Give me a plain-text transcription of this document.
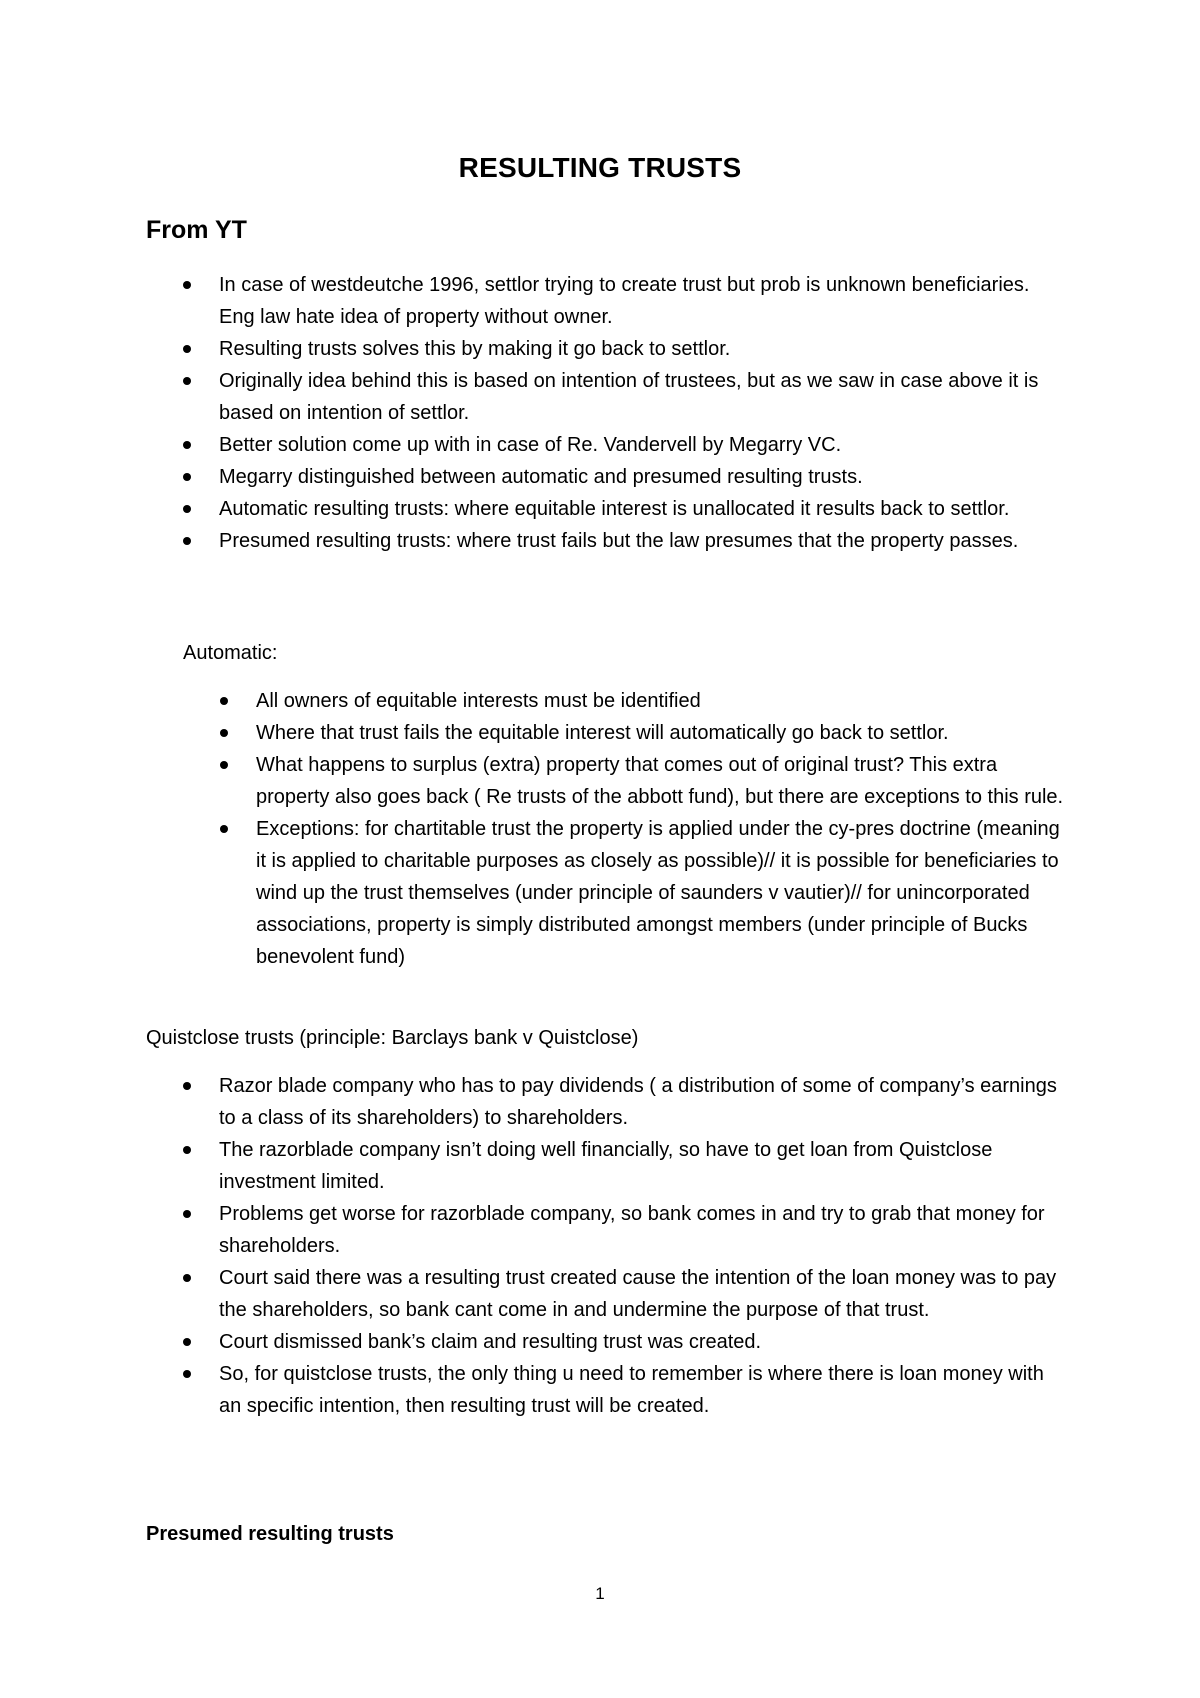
RESULTING TRUSTS
From YT
In case of westdeutche 1996, settlor trying to create trust but prob is unknown beneficiaries. Eng law hate idea of property without owner.
Resulting trusts solves this by making it go back to settlor.
Originally idea behind this is based on intention of trustees, but as we saw in case above it is based on intention of settlor.
Better solution come up with in case of Re. Vandervell by Megarry VC.
Megarry distinguished between automatic and presumed resulting trusts.
Automatic resulting trusts: where equitable interest is unallocated it results back to settlor.
Presumed resulting trusts: where trust fails but the law presumes that the property passes.

Automatic:

All owners of equitable interests must be identified
Where that trust fails the equitable interest will automatically go back to settlor.
What happens to surplus (extra) property that comes out of original trust? This extra property also goes back ( Re trusts of the abbott fund), but there are exceptions to this rule.
Exceptions: for chartitable trust the property is applied under the cy-pres doctrine (meaning it is applied to charitable purposes as closely as possible)// it is possible for beneficiaries to wind up the trust themselves (under principle of saunders v vautier)// for unincorporated associations, property is simply distributed amongst members (under principle of Bucks benevolent fund)

Quistclose trusts (principle: Barclays bank v Quistclose)

Razor blade company who has to pay dividends ( a distribution of some of company’s earnings to a class of its shareholders) to shareholders.
The razorblade company isn’t doing well financially, so have to get loan from Quistclose investment limited.
Problems get worse for razorblade company, so bank comes in and try to grab that money for shareholders.
Court said there was a resulting trust created cause the intention of the loan money was to pay the shareholders, so bank cant come in and undermine the purpose of that trust.
Court dismissed bank’s claim and resulting trust was created.
So, for quistclose trusts, the only thing u need to remember is where there is loan money with an specific intention, then resulting trust will be created.

Presumed resulting trusts

1
